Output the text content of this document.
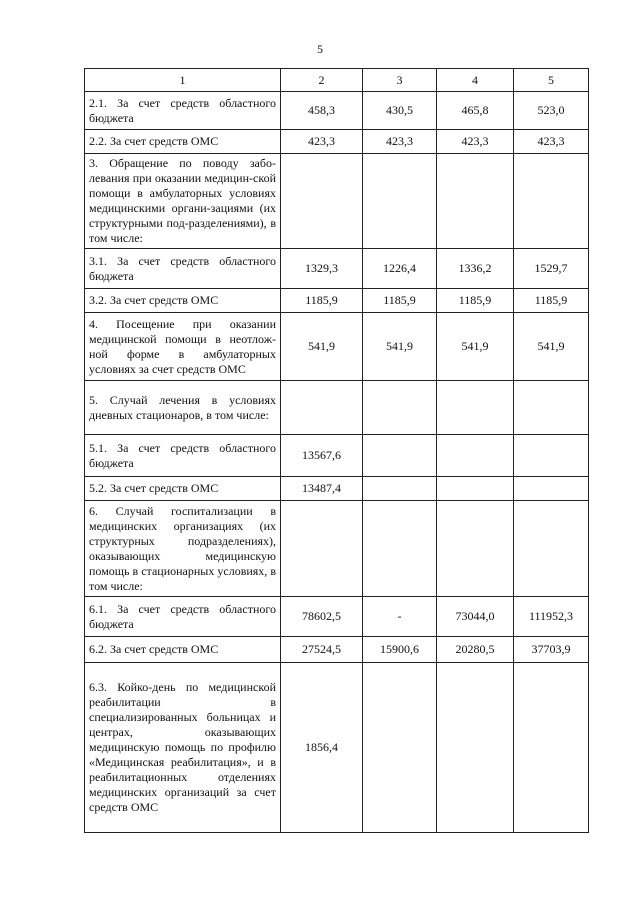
5
1	2	3	4	5
2.1. За счет средств областного бюджета	458,3	430,5	465,8	523,0
2.2. За счет средств ОМС	423,3	423,3	423,3	423,3
3. Обращение по поводу забо-левания при оказании медицин-ской помощи в амбулаторных условиях медицинскими органи-зациями (их структурными под-разделениями), в том числе:				
3.1. За счет средств областного бюджета	1329,3	1226,4	1336,2	1529,7
3.2. За счет средств ОМС	1185,9	1185,9	1185,9	1185,9
4. Посещение при оказании медицинской помощи в неотлож-ной форме в амбулаторных условиях за счет средств ОМС	541,9	541,9	541,9	541,9
5. Случай лечения в условиях дневных стационаров, в том числе:				
5.1. За счет средств областного бюджета	13567,6			
5.2. За счет средств ОМС	13487,4			
6. Случай госпитализации в медицинских организациях (их структурных подразделениях), оказывающих медицинскую помощь в стационарных условиях, в том числе:				
6.1. За счет средств областного бюджета	78602,5	-	73044,0	111952,3
6.2. За счет средств ОМС	27524,5	15900,6	20280,5	37703,9
6.3. Койко-день по медицинской реабилитации в специализированных больницах и центрах, оказывающих медицинскую помощь по профилю «Медицинская реабилитация», и в реабилитационных отделениях медицинских организаций за счет средств ОМС	1856,4			
